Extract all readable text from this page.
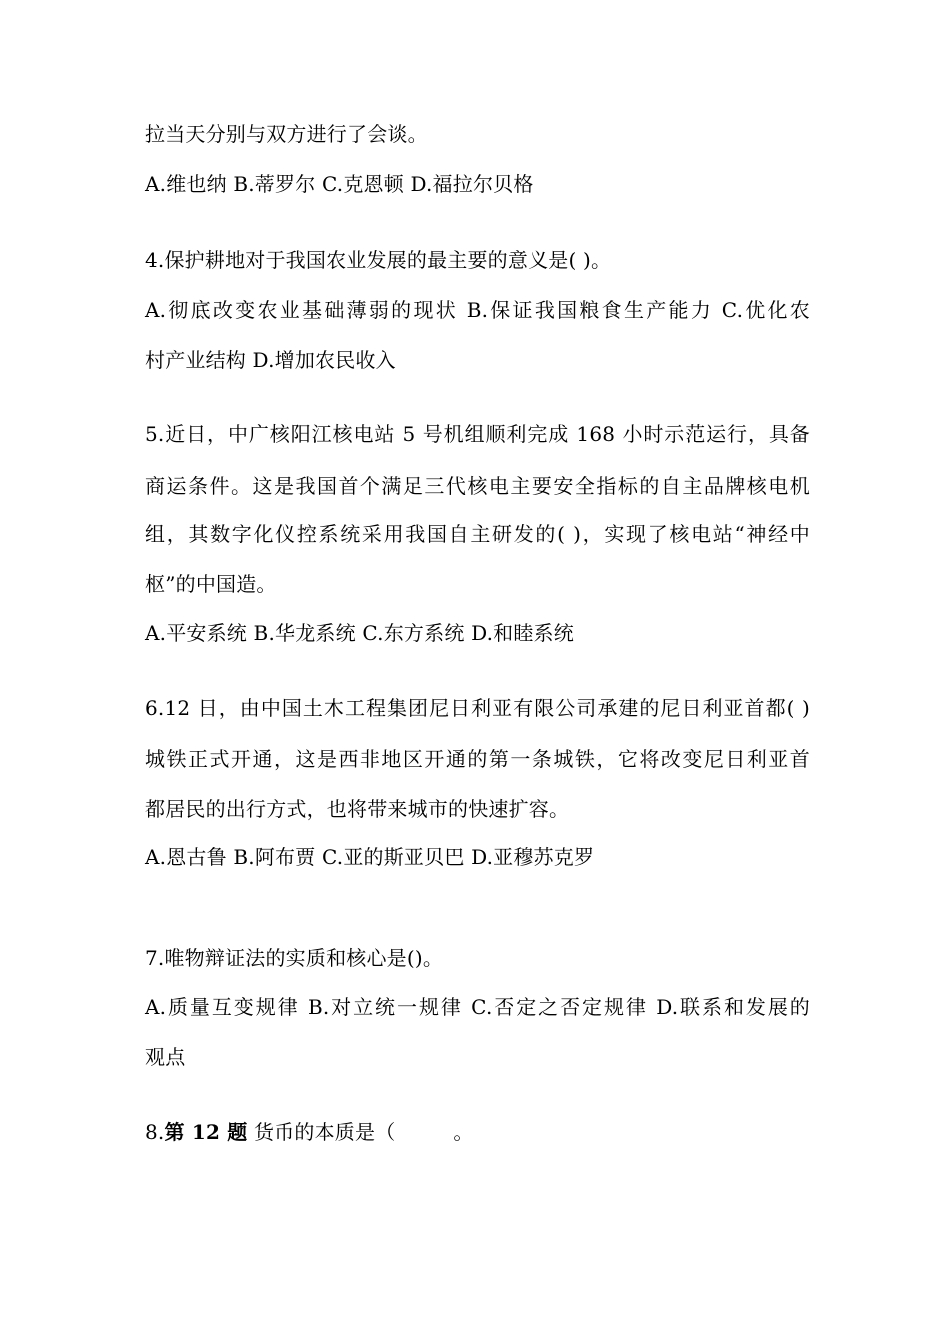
拉当天分别与双方进行了会谈。
A.维也纳 B.蒂罗尔 C.克恩顿 D.福拉尔贝格
4.保护耕地对于我国农业发展的最主要的意义是( )。
A.彻底改变农业基础薄弱的现状 B.保证我国粮食生产能力 C.优化农
村产业结构 D.增加农民收入
5.近日，中广核阳江核电站 5 号机组顺利完成 168 小时示范运行，具备
商运条件。这是我国首个满足三代核电主要安全指标的自主品牌核电机
组，其数字化仪控系统采用我国自主研发的( )，实现了核电站“神经中
枢”的中国造。
A.平安系统 B.华龙系统 C.东方系统 D.和睦系统
6.12 日，由中国土木工程集团尼日利亚有限公司承建的尼日利亚首都( )
城铁正式开通，这是西非地区开通的第一条城铁，它将改变尼日利亚首
都居民的出行方式，也将带来城市的快速扩容。
A.恩古鲁 B.阿布贾 C.亚的斯亚贝巴 D.亚穆苏克罗
7.唯物辩证法的实质和核心是()。
A.质量互变规律 B.对立统一规律 C.否定之否定规律 D.联系和发展的
观点
8.第 12 题 货币的本质是（	。
